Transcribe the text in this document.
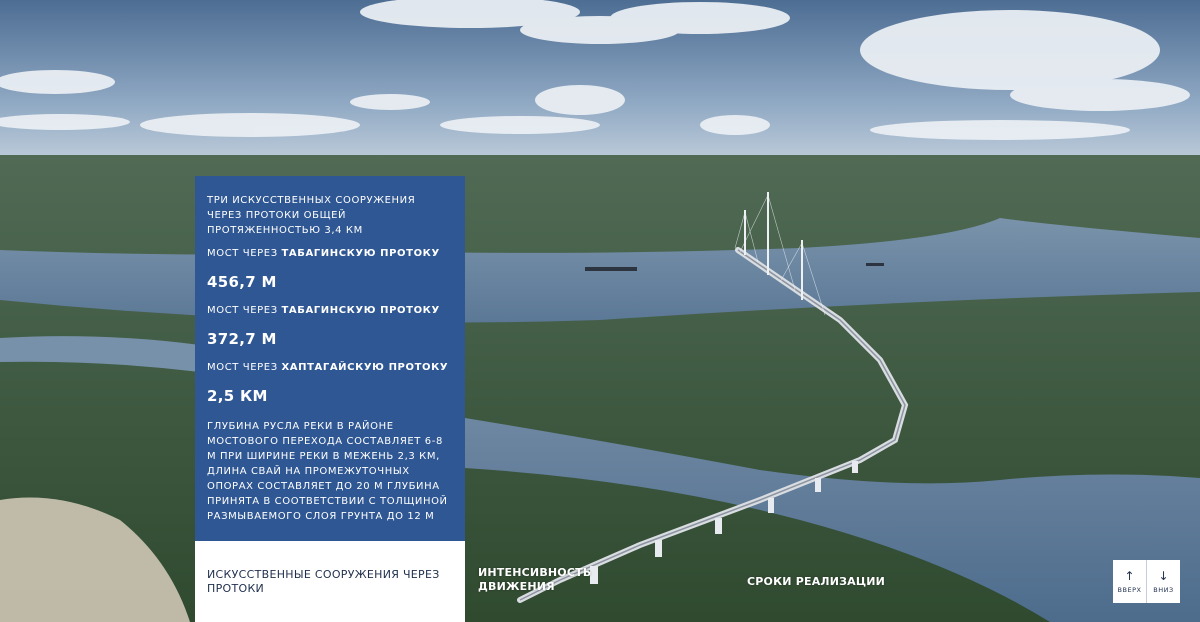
ТРИ ИСКУССТВЕННЫХ СООРУЖЕНИЯ ЧЕРЕЗ ПРОТОКИ ОБЩЕЙ ПРОТЯЖЕННОСТЬЮ 3,4 КМ

МОСТ ЧЕРЕЗ ТАБАГИНСКУЮ ПРОТОКУ

456,7 М

МОСТ ЧЕРЕЗ ТАБАГИНСКУЮ ПРОТОКУ

372,7 М

МОСТ ЧЕРЕЗ ХАПТАГАЙСКУЮ ПРОТОКУ

2,5 КМ

ГЛУБИНА РУСЛА РЕКИ В РАЙОНЕ МОСТОВОГО ПЕРЕХОДА СОСТАВЛЯЕТ 6-8 М ПРИ ШИРИНЕ РЕКИ В МЕЖЕНЬ 2,3 КМ, ДЛИНА СВАЙ НА ПРОМЕЖУТОЧНЫХ ОПОРАХ СОСТАВЛЯЕТ ДО 20 М ГЛУБИНА ПРИНЯТА В СООТВЕТСТВИИ С ТОЛЩИНОЙ РАЗМЫВАЕМОГО СЛОЯ ГРУНТА ДО 12 М

ИСКУССТВЕННЫЕ СООРУЖЕНИЯ ЧЕРЕЗ ПРОТОКИ
ИНТЕНСИВНОСТЬ ДВИЖЕНИЯ	СРОКИ РЕАЛИЗАЦИИ	↑
ВВЕРХ
↓
ВНИЗ
